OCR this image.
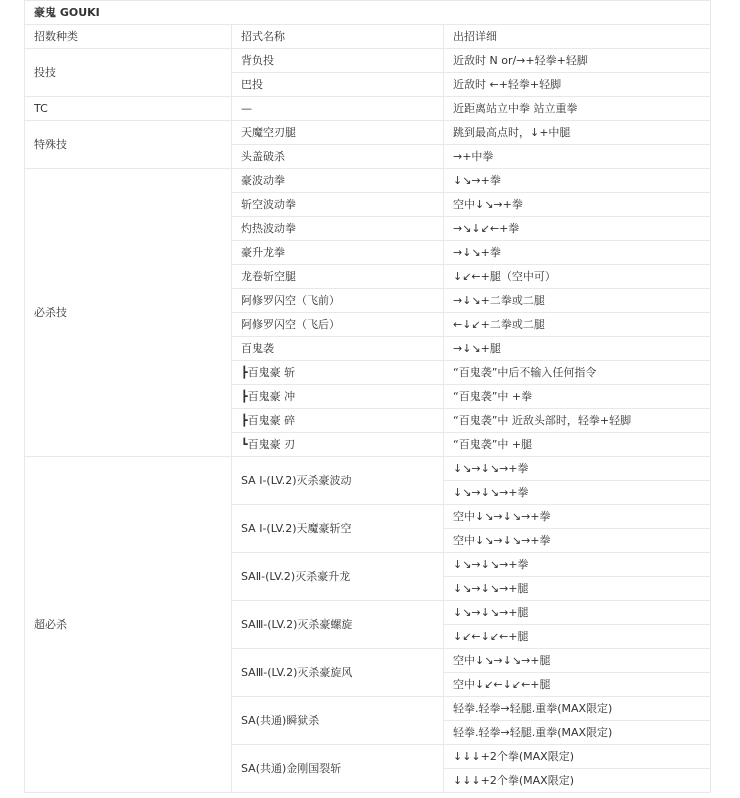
豪鬼 GOUKI		
招数种类	招式名称	出招详细
投技	背负投	近敌时 N or/→+轻拳+轻脚
	巴投	近敌时 ←+轻拳+轻脚
TC	—	近距离站立中拳 站立重拳
特殊技	天魔空刃腿	跳到最高点时，↓+中腿
	头盖破杀	→+中拳
必杀技	豪波动拳	↓↘→+拳
	斩空波动拳	空中↓↘→+拳
	灼热波动拳	→↘↓↙←+拳
	豪升龙拳	→↓↘+拳
	龙卷斩空腿	↓↙←+腿（空中可）
	阿修罗闪空（飞前）	→↓↘+二拳或二腿
	阿修罗闪空（飞后）	←↓↙+二拳或二腿
	百鬼袭	→↓↘+腿
	┣百鬼豪 斩	“百鬼袭”中后不输入任何指令
	┣百鬼豪 冲	“百鬼袭”中 +拳
	┣百鬼豪 碎	“百鬼袭”中 近敌头部时，轻拳+轻脚
	┗百鬼豪 刃	“百鬼袭”中 +腿
超必杀	SA Ⅰ-(LV.2)灭杀豪波动	↓↘→↓↘→+拳
		↓↘→↓↘→+拳
	SA Ⅰ-(LV.2)天魔豪斩空	空中↓↘→↓↘→+拳
		空中↓↘→↓↘→+拳
	SAⅡ-(LV.2)灭杀豪升龙	↓↘→↓↘→+拳
		↓↘→↓↘→+腿
	SAⅢ-(LV.2)灭杀豪螺旋	↓↘→↓↘→+腿
		↓↙←↓↙←+腿
	SAⅢ-(LV.2)灭杀豪旋风	空中↓↘→↓↘→+腿
		空中↓↙←↓↙←+腿
	SA(共通)瞬狱杀	轻拳.轻拳→轻腿.重拳(MAX限定)
		轻拳.轻拳→轻腿.重拳(MAX限定)
	SA(共通)金刚国裂斩	↓↓↓+2个拳(MAX限定)
		↓↓↓+2个拳(MAX限定)
